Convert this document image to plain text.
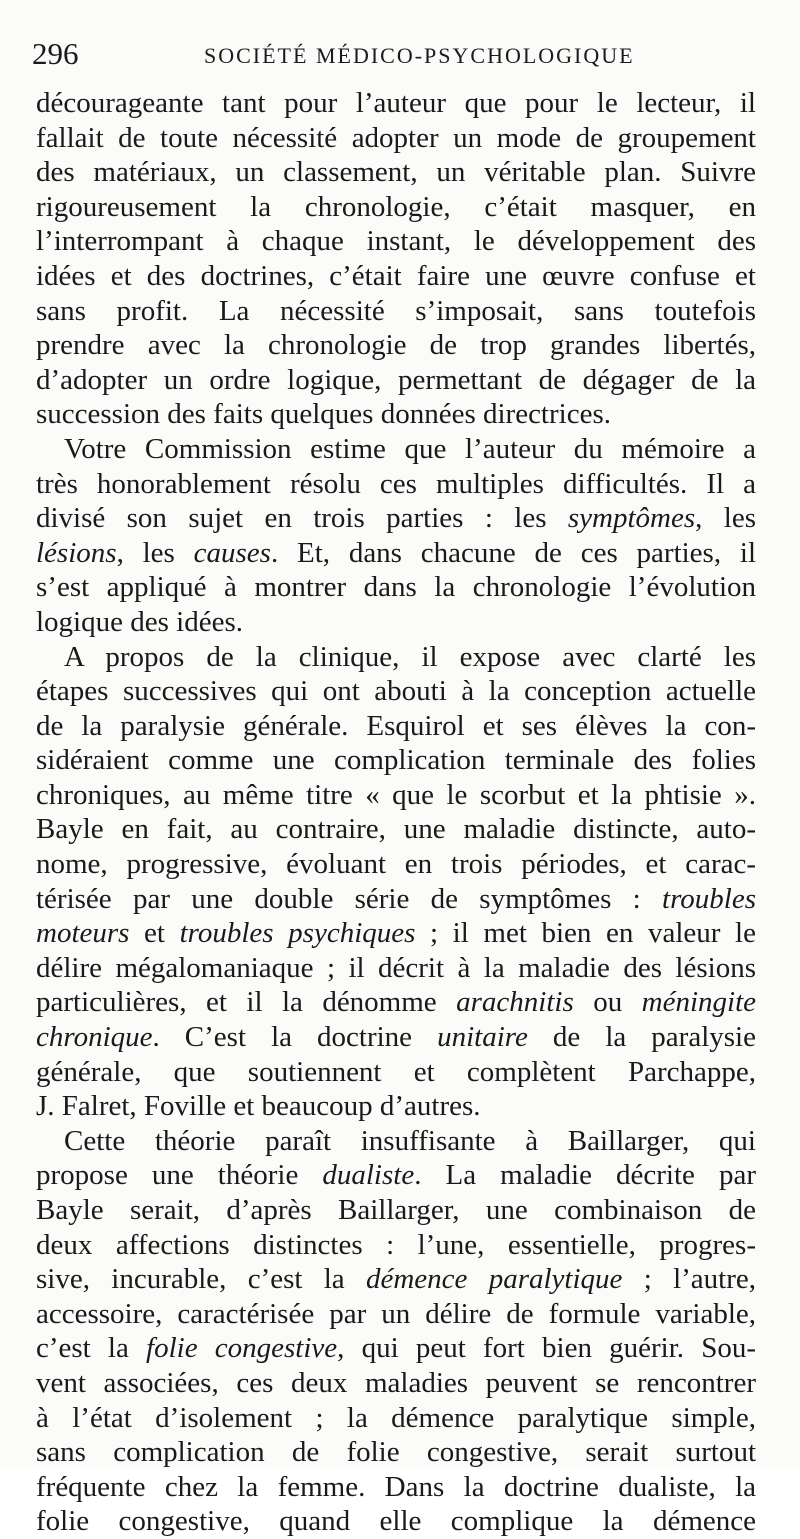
296	SOCIÉTÉ MÉDICO-PSYCHOLOGIQUE
décourageante tant pour l’auteur que pour le lecteur, il
fallait de toute nécessité adopter un mode de groupement
des matériaux, un classement, un véritable plan. Suivre
rigoureusement la chronologie, c’était masquer, en
l’interrompant à chaque instant, le développement des
idées et des doctrines, c’était faire une œuvre confuse et
sans profit. La nécessité s’imposait, sans toutefois
prendre avec la chronologie de trop grandes libertés,
d’adopter un ordre logique, permettant de dégager de la
succession des faits quelques données directrices.
Votre Commission estime que l’auteur du mémoire a
très honorablement résolu ces multiples difficultés. Il a
divisé son sujet en trois parties : les symptômes, les
lésions, les causes. Et, dans chacune de ces parties, il
s’est appliqué à montrer dans la chronologie l’évolution
logique des idées.
A propos de la clinique, il expose avec clarté les
étapes successives qui ont abouti à la conception actuelle
de la paralysie générale. Esquirol et ses élèves la con-
sidéraient comme une complication terminale des folies
chroniques, au même titre « que le scorbut et la phtisie ».
Bayle en fait, au contraire, une maladie distincte, auto-
nome, progressive, évoluant en trois périodes, et carac-
térisée par une double série de symptômes : troubles
moteurs et troubles psychiques ; il met bien en valeur le
délire mégalomaniaque ; il décrit à la maladie des lésions
particulières, et il la dénomme arachnitis ou méningite
chronique. C’est la doctrine unitaire de la paralysie
générale, que soutiennent et complètent Parchappe,
J. Falret, Foville et beaucoup d’autres.
Cette théorie paraît insuffisante à Baillarger, qui
propose une théorie dualiste. La maladie décrite par
Bayle serait, d’après Baillarger, une combinaison de
deux affections distinctes : l’une, essentielle, progres-
sive, incurable, c’est la démence paralytique ; l’autre,
accessoire, caractérisée par un délire de formule variable,
c’est la folie congestive, qui peut fort bien guérir. Sou-
vent associées, ces deux maladies peuvent se rencontrer
à l’état d’isolement ; la démence paralytique simple,
sans complication de folie congestive, serait surtout
fréquente chez la femme. Dans la doctrine dualiste, la
folie congestive, quand elle complique la démence
